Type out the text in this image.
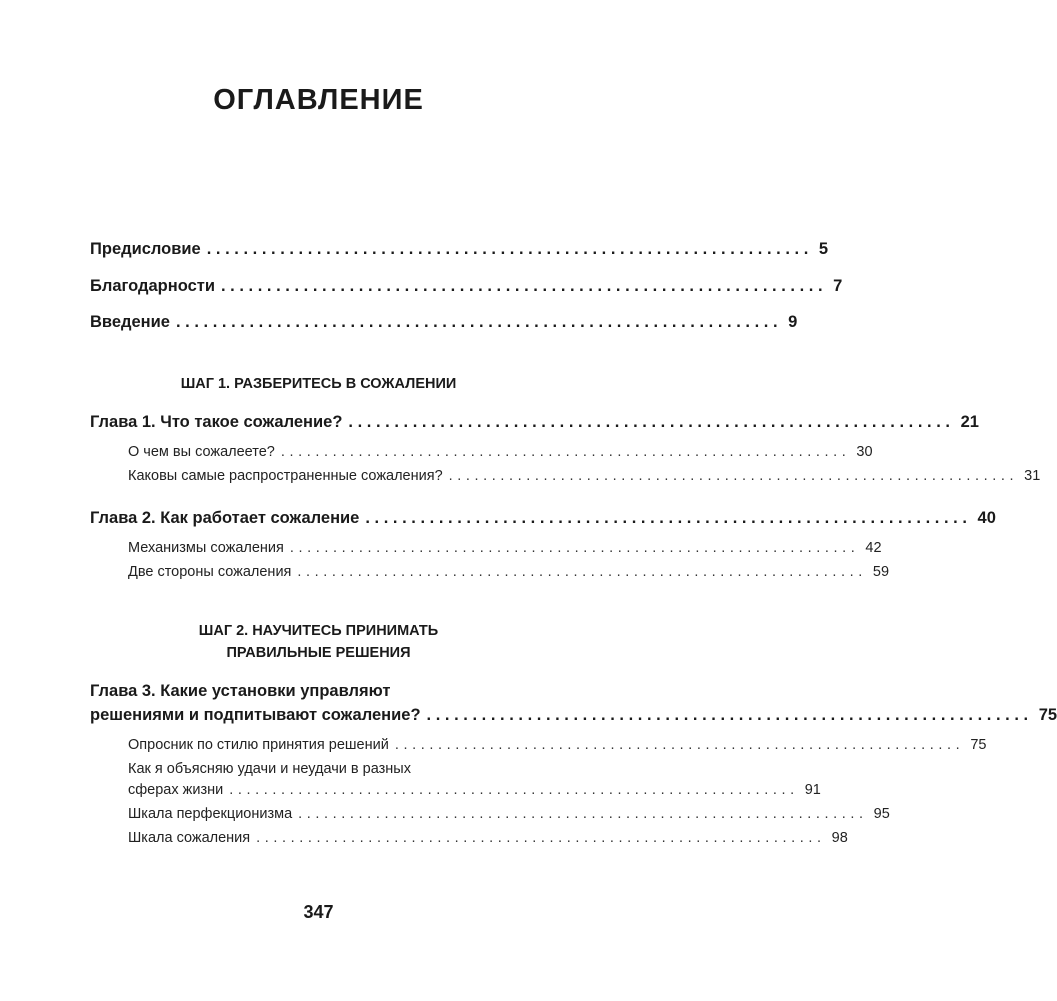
ОГЛАВЛЕНИЕ
Предисловие .................................................................. 5
Благодарности .................................................................. 7
Введение .................................................................. 9
ШАГ 1. РАЗБЕРИТЕСЬ В СОЖАЛЕНИИ
Глава 1. Что такое сожаление? .................................................................. 21
О чем вы сожалеете? .................................................................. 30
Каковы самые распространенные сожаления? .................................................................. 31
Глава 2. Как работает сожаление .................................................................. 40
Механизмы сожаления .................................................................. 42
Две стороны сожаления .................................................................. 59
ШАГ 2. НАУЧИТЕСЬ ПРИНИМАТЬ
ПРАВИЛЬНЫЕ РЕШЕНИЯ
Глава 3. Какие установки управляют
решениями и подпитывают сожаление? .................................................................. 75
Опросник по стилю принятия решений .................................................................. 75
Как я объясняю удачи и неудачи в разных
сферах жизни .................................................................. 91
Шкала перфекционизма .................................................................. 95
Шкала сожаления .................................................................. 98
347
